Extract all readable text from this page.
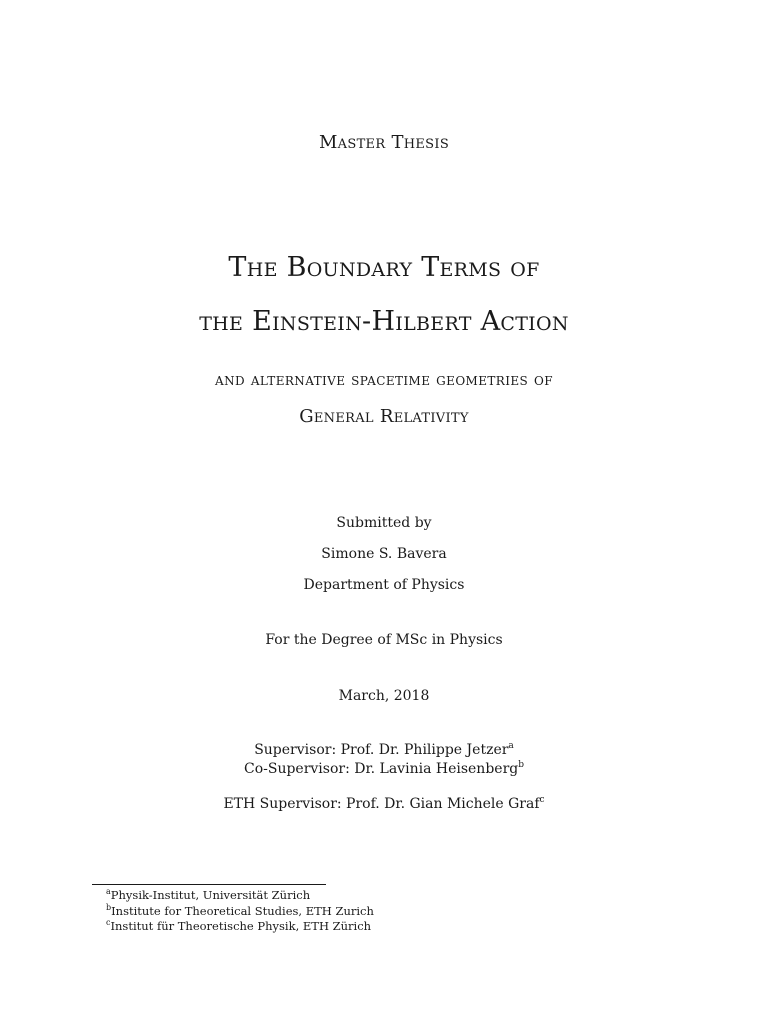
Master Thesis
The Boundary Terms of
the Einstein-Hilbert Action
and alternative spacetime geometries of
General Relativity
Submitted by
Simone S. Bavera
Department of Physics
For the Degree of MSc in Physics
March, 2018
Supervisor: Prof. Dr. Philippe Jetzer$^a$
Co-Supervisor: Dr. Lavinia Heisenberg$^b$
ETH Supervisor: Prof. Dr. Gian Michele Graf$^c$
$^a$Physik-Institut, Universität Zürich
$^b$Institute for Theoretical Studies, ETH Zurich
$^c$Institut für Theoretische Physik, ETH Zürich
